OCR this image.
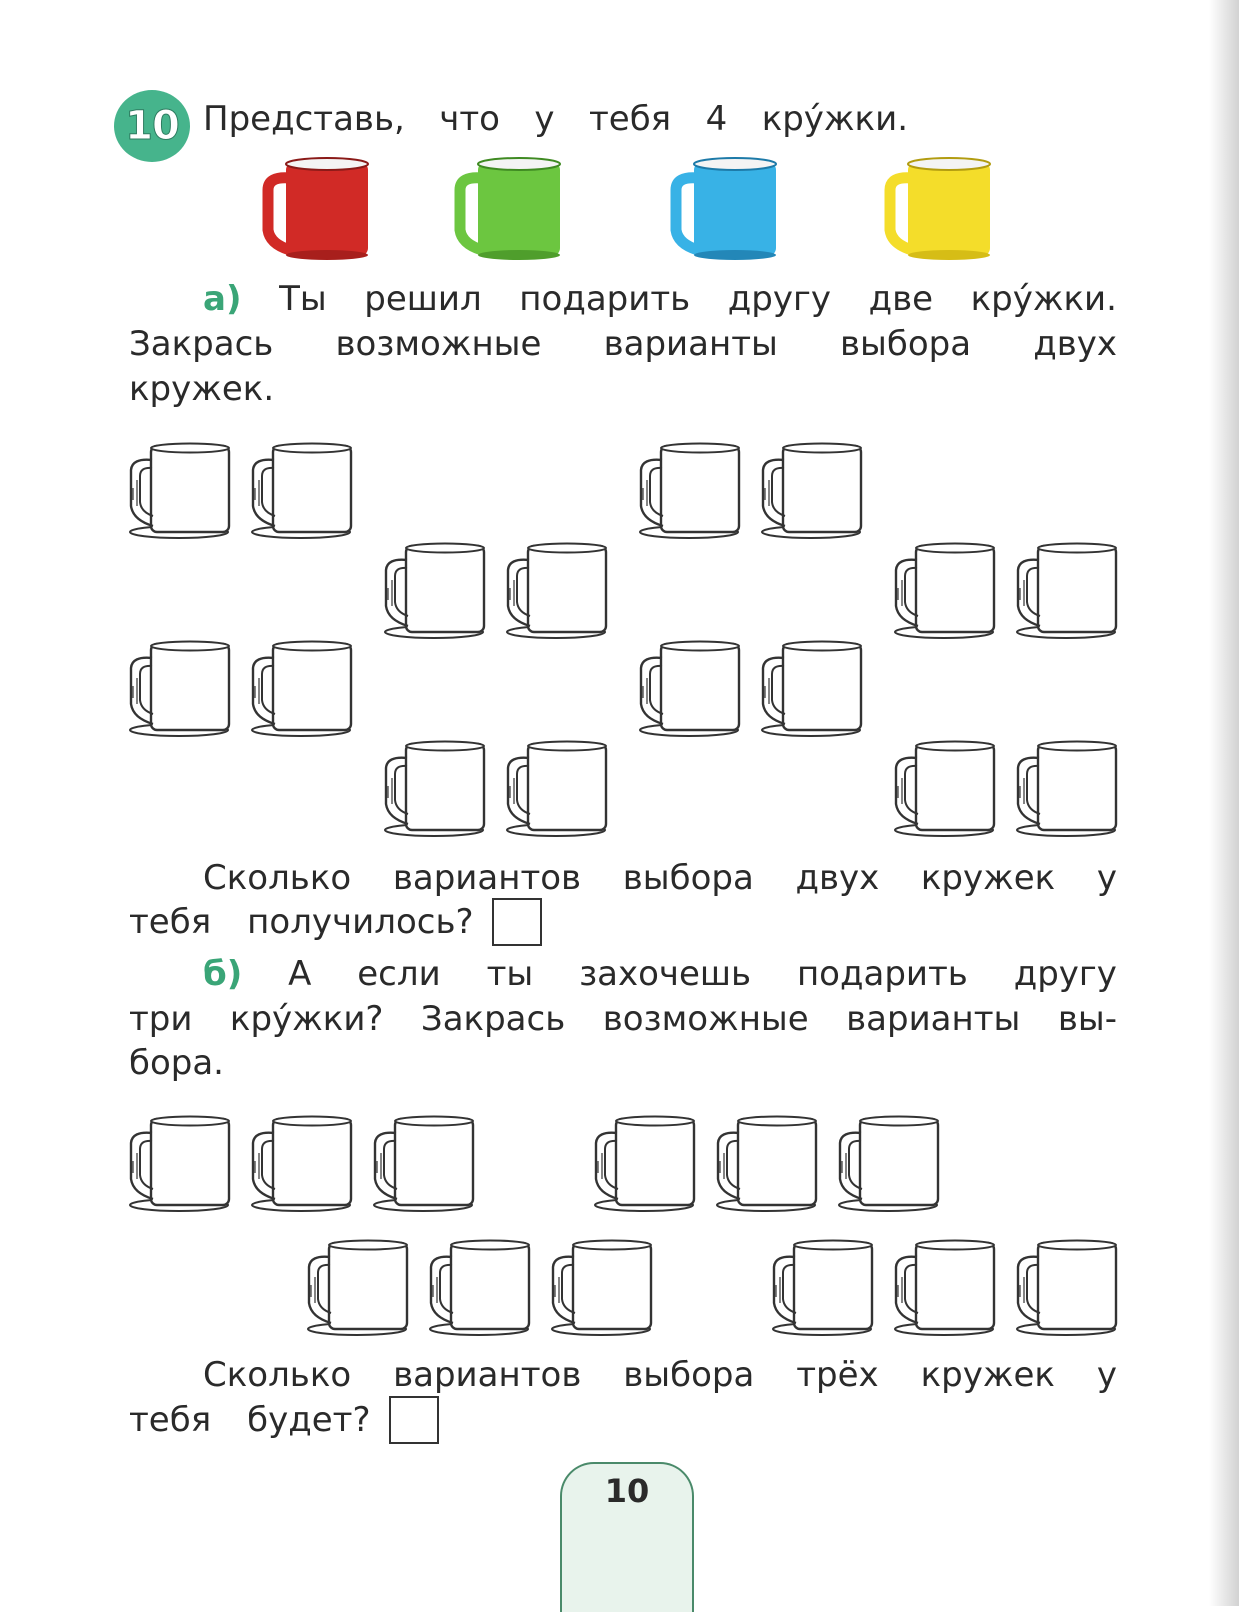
10 Представь, что у тебя 4 кру́жки.
а) Ты решил подарить другу две кру́жки.
Закрась возможные варианты выбора двух
кружек.
Сколько вариантов выбора двух кружек у
тебя получилось?
б) А если ты захочешь подарить другу
три кру́жки? Закрась возможные варианты вы-
бора.
Сколько вариантов выбора трёх кружек у
тебя будет?
10
